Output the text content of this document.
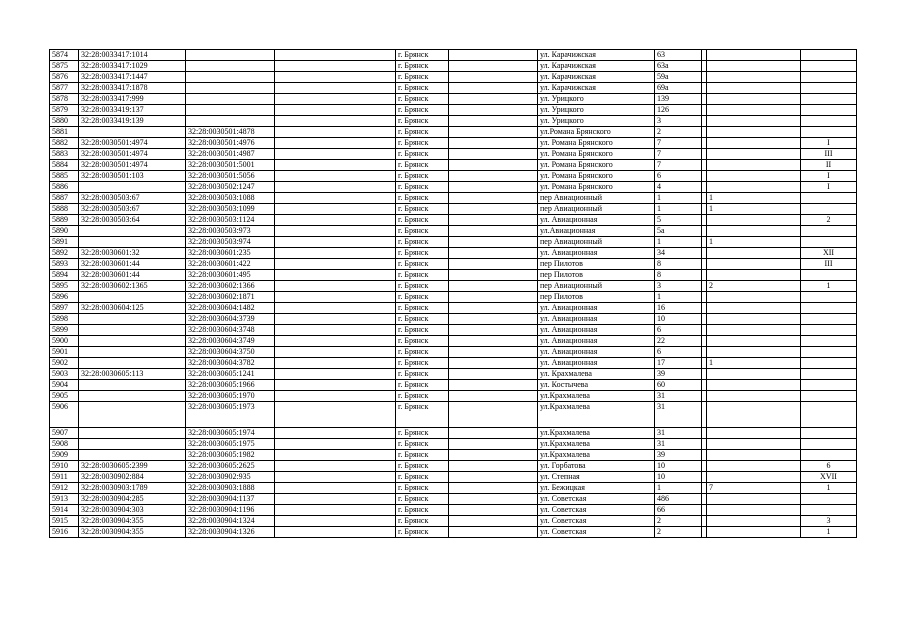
5874	32:28:0033417:1014			г. Брянск		ул. Карачижская	63			
5875	32:28:0033417:1029			г. Брянск		ул. Карачижская	63а			
5876	32:28:0033417:1447			г. Брянск		ул. Карачижская	59а			
5877	32:28:0033417:1878			г. Брянск		ул. Карачижская	69а			
5878	32:28:0033417:999			г. Брянск		ул. Урицкого	139			
5879	32:28:0033419:137			г. Брянск		ул. Урицкого	126			
5880	32:28:0033419:139			г. Брянск		ул. Урицкого	3			
5881		32:28:0030501:4878		г. Брянск		ул.Романа Брянского	2			
5882	32:28:0030501:4974	32:28:0030501:4976		г. Брянск		ул. Романа Брянского	7			I
5883	32:28:0030501:4974	32:28:0030501:4987		г. Брянск		ул. Романа Брянского	7			III
5884	32:28:0030501:4974	32:28:0030501:5001		г. Брянск		ул. Романа Брянского	7			II
5885	32:28:0030501:103	32:28:0030501:5056		г. Брянск		ул. Романа Брянского	6			I
5886		32:28:0030502:1247		г. Брянск		ул. Романа Брянского	4			I
5887	32:28:0030503:67	32:28:0030503:1088		г. Брянск		пер Авиационный	1		1	
5888	32:28:0030503:67	32:28:0030503:1099		г. Брянск		пер Авиационный	1		1	
5889	32:28:0030503:64	32:28:0030503:1124		г. Брянск		ул. Авиационная	5			2
5890		32:28:0030503:973		г. Брянск		ул.Авиационная	5а			
5891		32:28:0030503:974		г. Брянск		пер Авиационный	1		1	
5892	32:28:0030601:32	32:28:0030601:235		г. Брянск		ул. Авиационная	34			XII
5893	32:28:0030601:44	32:28:0030601:422		г. Брянск		пер Пилотов	8			III
5894	32:28:0030601:44	32:28:0030601:495		г. Брянск		пер Пилотов	8			
5895	32:28:0030602:1365	32:28:0030602:1366		г. Брянск		пер Авиационный	3		2	1
5896		32:28:0030602:1871		г. Брянск		пер Пилотов	1			
5897	32:28:0030604:125	32:28:0030604:1482		г. Брянск		ул. Авиационная	16			
5898		32:28:0030604:3739		г. Брянск		ул. Авиационная	10			
5899		32:28:0030604:3748		г. Брянск		ул. Авиационная	6			
5900		32:28:0030604:3749		г. Брянск		ул. Авиационная	22			
5901		32:28:0030604:3750		г. Брянск		ул. Авиационная	6			
5902		32:28:0030604:3782		г. Брянск		ул. Авиационная	17		1	
5903	32:28:0030605:113	32:28:0030605:1241		г. Брянск		ул. Крахмалева	39			
5904		32:28:0030605:1966		г. Брянск		ул. Костычева	60			
5905		32:28:0030605:1970		г. Брянск		ул.Крахмалева	31			
5906		32:28:0030605:1973		г. Брянск		ул.Крахмалева	31			
5907		32:28:0030605:1974		г. Брянск		ул.Крахмалева	31			
5908		32:28:0030605:1975		г. Брянск		ул.Крахмалева	31			
5909		32:28:0030605:1982		г. Брянск		ул.Крахмалева	39			
5910	32:28:0030605:2399	32:28:0030605:2625		г. Брянск		ул. Горбатова	10			6
5911	32:28:0030902:884	32:28:0030902:935		г. Брянск		ул. Степная	10			XVII
5912	32:28:0030903:1789	32:28:0030903:1888		г. Брянск		ул. Бежицкая	1		7	1
5913	32:28:0030904:285	32:28:0030904:1137		г. Брянск		ул. Советская	486			
5914	32:28:0030904:303	32:28:0030904:1196		г. Брянск		ул. Советская	66			
5915	32:28:0030904:355	32:28:0030904:1324		г. Брянск		ул. Советская	2			3
5916	32:28:0030904:355	32:28:0030904:1326		г. Брянск		ул. Советская	2			1
